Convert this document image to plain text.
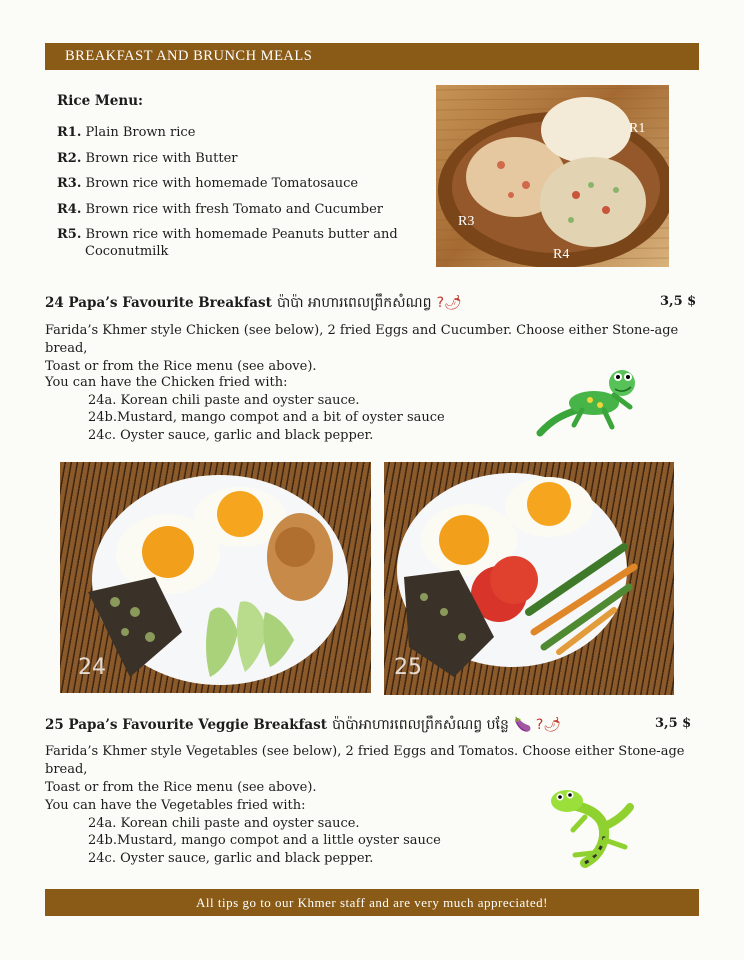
BREAKFAST AND BRUNCH MEALS
Rice Menu:
R1. Plain Brown rice
R2. Brown rice with Butter
R3. Brown rice with homemade Tomatosauce
R4. Brown rice with fresh Tomato and Cucumber
R5. Brown rice with homemade Peanuts butter and
Coconutmilk
R1
R3
R4
24 Papa’s Favourite Breakfast ប៉ាប៉ា អាហារពេលព្រឹកសំណព្វ ?🌶	3,5 $
Farida’s Khmer style Chicken (see below), 2 fried Eggs and Cucumber. Choose either Stone-age bread,
Toast or from the Rice menu (see above).
You can have the Chicken fried with:
24a. Korean chili paste and oyster sauce.
24b.Mustard, mango compot and a bit of oyster sauce
24c. Oyster sauce, garlic and black pepper.
24	25
25 Papa’s Favourite Veggie Breakfast ប៉ាប៉ាអាហារពេលព្រឹកសំណព្វ បន្លែ 🍆 ?🌶	3,5 $
Farida’s Khmer style Vegetables (see below), 2 fried Eggs and Tomatos. Choose either Stone-age bread,
Toast or from the Rice menu (see above).
You can have the Vegetables fried with:
24a. Korean chili paste and oyster sauce.
24b.Mustard, mango compot and a little oyster sauce
24c. Oyster sauce, garlic and black pepper.
All tips go to our Khmer staff and are very much appreciated!
